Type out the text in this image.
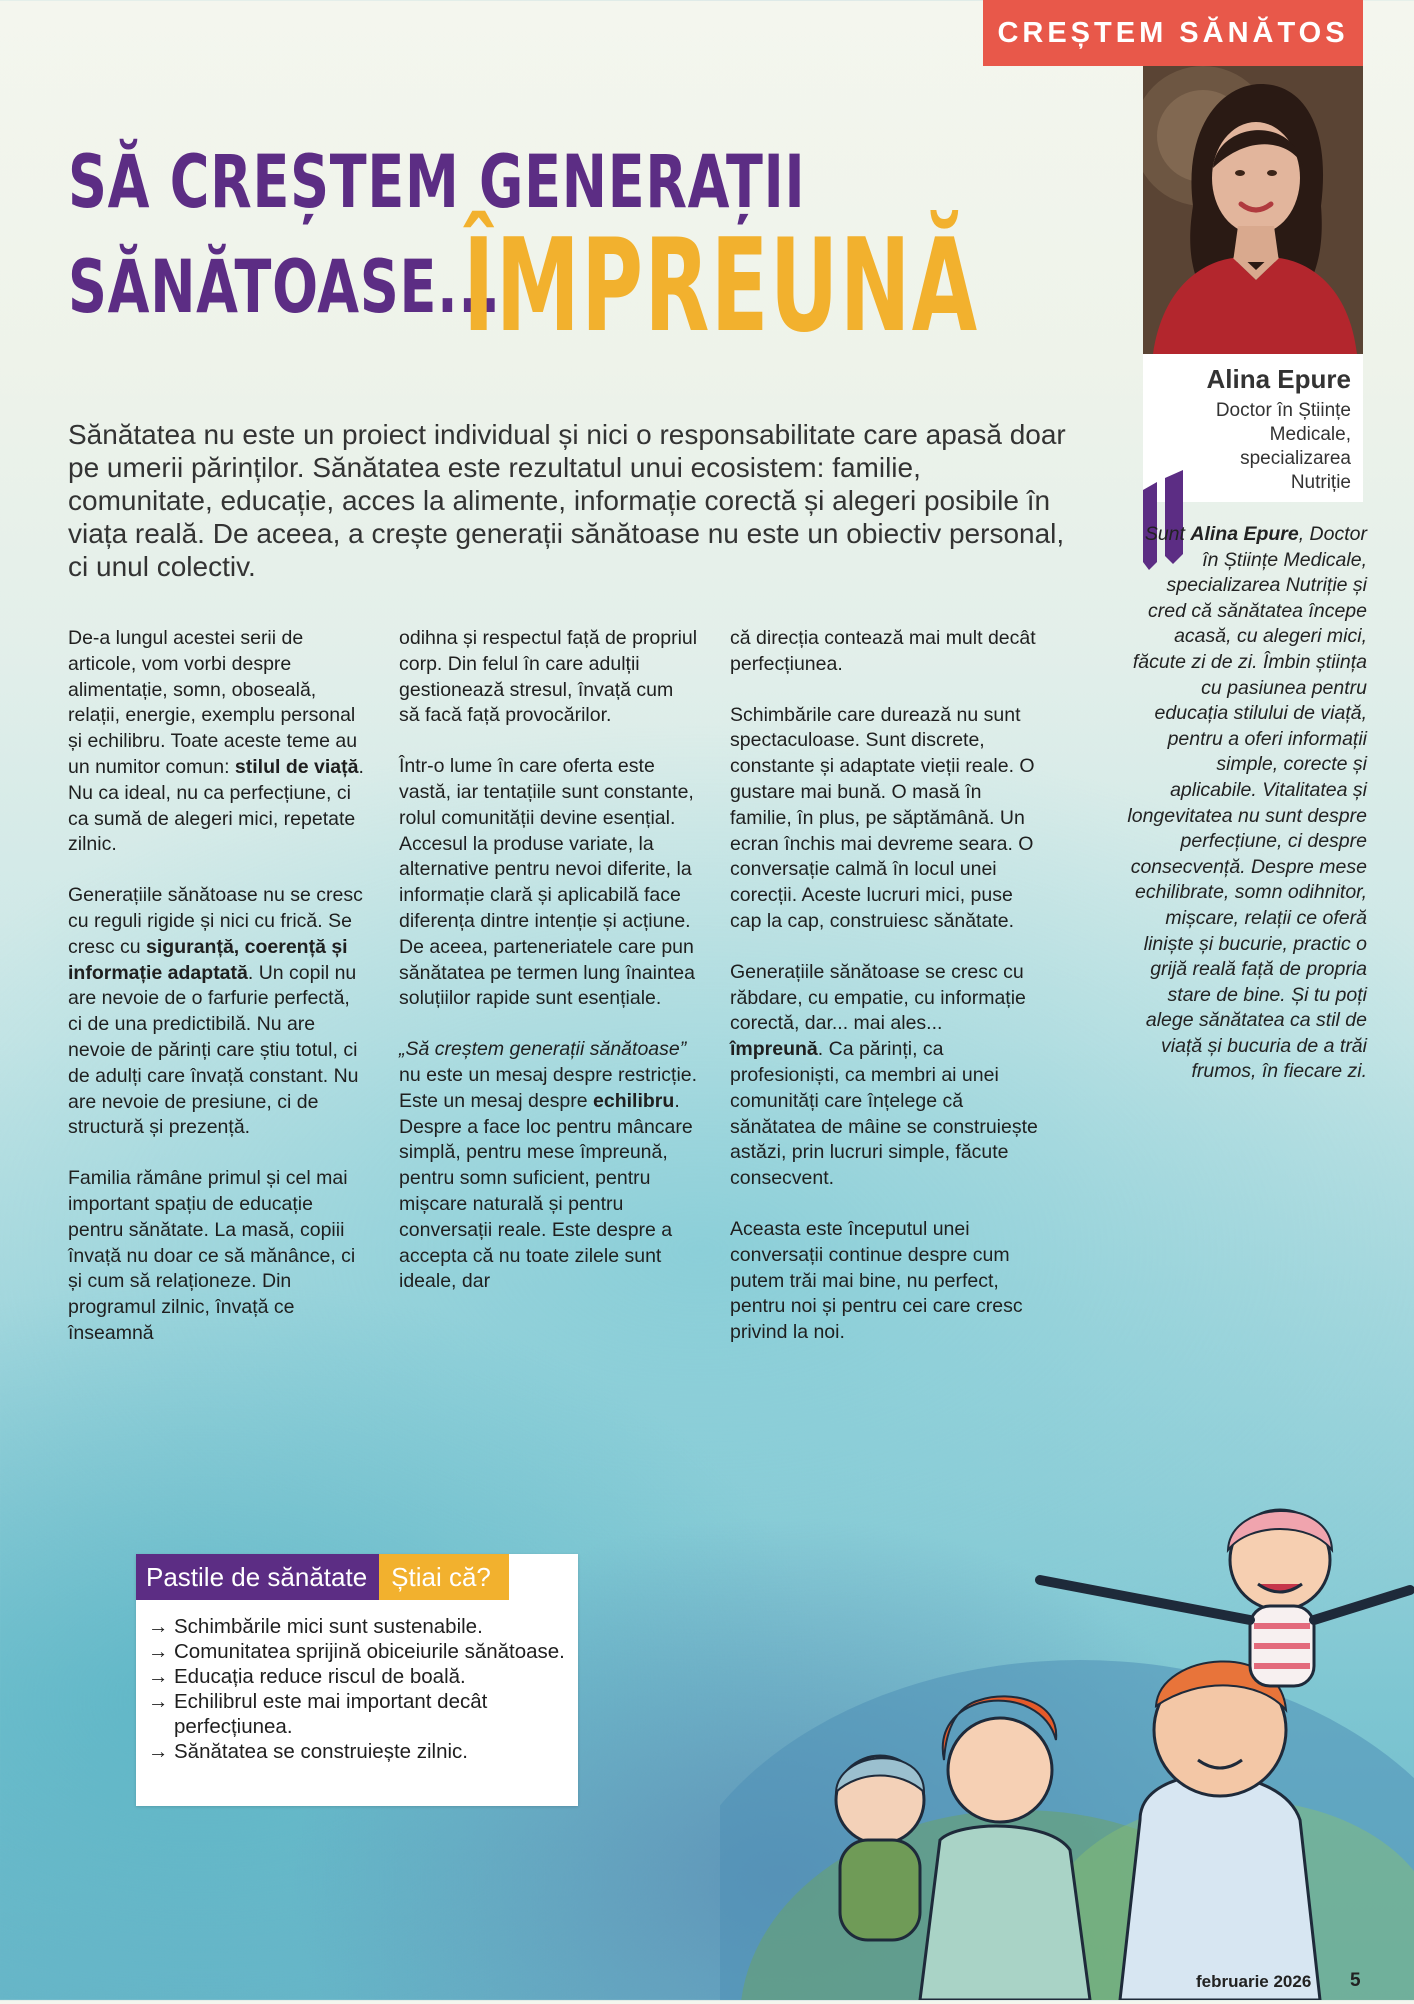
CREȘTEM SĂNĂTOS
Alina Epure
Doctor în Științe
Medicale,
specializarea
Nutriție
Sunt Alina Epure, Doctor în Științe Medicale, specializarea Nutriție și cred că sănătatea începe acasă, cu alegeri mici, făcute zi de zi. Îmbin știința cu pasiunea pentru educația stilului de viață, pentru a oferi informații simple, corecte și aplicabile. Vitalitatea și longevitatea nu sunt despre perfecțiune, ci despre consecvență. Despre mese echilibrate, somn odihnitor, mișcare, relații ce oferă liniște și bucurie, practic o grijă reală față de propria stare de bine. Și tu poți alege sănătatea ca stil de viață și bucuria de a trăi frumos, în fiecare zi.
SĂ CREȘTEM GENERAȚII
SĂNĂTOASE...
ÎMPREUNĂ
Sănătatea nu este un proiect individual și nici o responsabilitate care apasă doar pe umerii părinților. Sănătatea este rezultatul unui ecosistem: familie, comunitate, educație, acces la alimente, informație corectă și alegeri posibile în viața reală. De aceea, a crește generații sănătoase nu este un obiectiv personal, ci unul colectiv.

De-a lungul acestei serii de articole, vom vorbi despre alimentație, somn, oboseală, relații, energie, exemplu personal și echilibru. Toate aceste teme au un numitor comun: stilul de viață. Nu ca ideal, nu ca perfecțiune, ci ca sumă de alegeri mici, repetate zilnic.

Generațiile sănătoase nu se cresc cu reguli rigide și nici cu frică. Se cresc cu siguranță, coerență și informație adaptată. Un copil nu are nevoie de o farfurie perfectă, ci de una predictibilă. Nu are nevoie de părinți care știu totul, ci de adulți care învață constant. Nu are nevoie de presiune, ci de structură și prezență.

Familia rămâne primul și cel mai important spațiu de educație pentru sănătate. La masă, copiii învață nu doar ce să mănânce, ci și cum să relaționeze. Din programul zilnic, învață ce înseamnă

odihna și respectul față de propriul corp. Din felul în care adulții gestionează stresul, învață cum să facă față provocărilor.

Într-o lume în care oferta este vastă, iar tentațiile sunt constante, rolul comunității devine esențial. Accesul la produse variate, la alternative pentru nevoi diferite, la informație clară și aplicabilă face diferența dintre intenție și acțiune. De aceea, parteneriatele care pun sănătatea pe termen lung înaintea soluțiilor rapide sunt esențiale.

„Să creștem generații sănătoase” nu este un mesaj despre restricție. Este un mesaj despre echilibru. Despre a face loc pentru mâncare simplă, pentru mese împreună, pentru somn suficient, pentru mișcare naturală și pentru conversații reale. Este despre a accepta că nu toate zilele sunt ideale, dar

că direcția contează mai mult decât perfecțiunea.

Schimbările care durează nu sunt spectaculoase. Sunt discrete, constante și adaptate vieții reale. O gustare mai bună. O masă în familie, în plus, pe săptămână. Un ecran închis mai devreme seara. O conversație calmă în locul unei corecții. Aceste lucruri mici, puse cap la cap, construiesc sănătate.

Generațiile sănătoase se cresc cu răbdare, cu empatie, cu informație corectă, dar... mai ales... împreună. Ca părinți, ca profesioniști, ca membri ai unei comunități care înțelege că sănătatea de mâine se construiește astăzi, prin lucruri simple, făcute consecvent.

Aceasta este începutul unei conversații continue despre cum putem trăi mai bine, nu perfect, pentru noi și pentru cei care cresc privind la noi.

Pastile de sănătate Știai că?
→ Schimbările mici sunt sustenabile.
→ Comunitatea sprijină obiceiurile sănătoase.
→ Educația reduce riscul de boală.
→ Echilibrul este mai important decât perfecțiunea.
→ Sănătatea se construiește zilnic.
februarie 2026 5
